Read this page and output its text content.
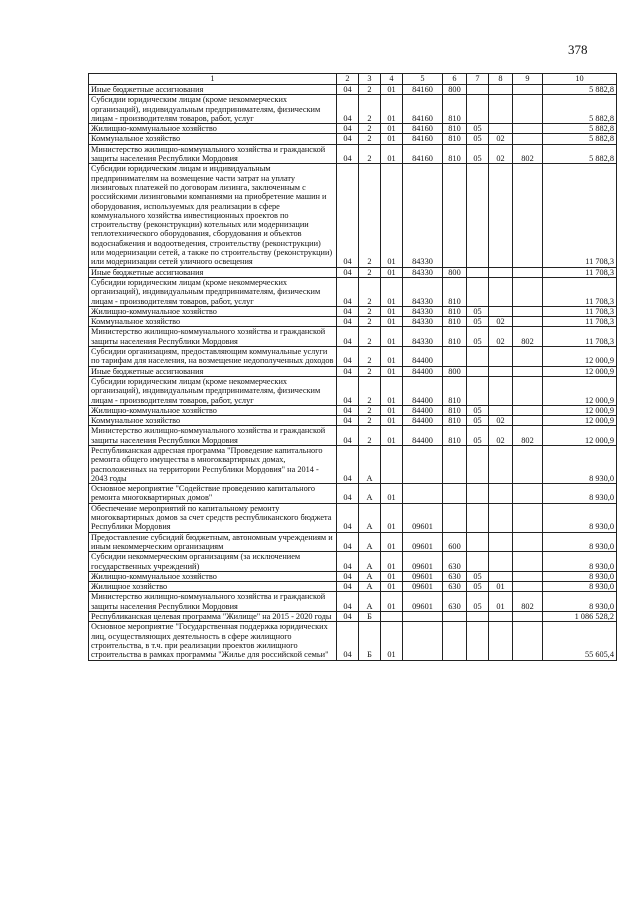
378
1	2	3	4	5	6	7	8	9	10
Иные бюджетные ассигнования	04	2	01	84160	800				5 882,8
Субсидии юридическим лицам (кроме некоммерческих организаций), индивидуальным предпринимателям, физическим лицам - производителям товаров, работ, услуг	04	2	01	84160	810				5 882,8
Жилищно-коммунальное хозяйство	04	2	01	84160	810	05			5 882,8
Коммунальное хозяйство	04	2	01	84160	810	05	02		5 882,8
Министерство жилищно-коммунального хозяйства и гражданской защиты населения Республики Мордовия	04	2	01	84160	810	05	02	802	5 882,8
Субсидии юридическим лицам и индивидуальным предпринимателям на возмещение части затрат на уплату лизинговых платежей по договорам лизинга, заключенным с российскими лизинговыми компаниями на приобретение машин и оборудования, используемых для реализации в сфере коммунального хозяйства инвестиционных проектов по строительству (реконструкции) котельных или модернизации теплотехнического оборудования, сборудования и объектов водоснабжения и водоотведения, строительству (реконструкции) или модернизации сетей, а также по строительству (реконструкции) или модернизации сетей уличного освещения	04	2	01	84330					11 708,3
Иные бюджетные ассигнования	04	2	01	84330	800				11 708,3
Субсидии юридическим лицам (кроме некоммерческих организаций), индивидуальным предпринимателям, физическим лицам - производителям товаров, работ, услуг	04	2	01	84330	810				11 708,3
Жилищно-коммунальное хозяйство	04	2	01	84330	810	05			11 708,3
Коммунальное хозяйство	04	2	01	84330	810	05	02		11 708,3
Министерство жилищно-коммунального хозяйства и гражданской защиты населения Республики Мордовия	04	2	01	84330	810	05	02	802	11 708,3
Субсидии организациям, предоставляющим коммунальные услуги по тарифам для населения, на возмещение недополученных доходов	04	2	01	84400					12 000,9
Иные бюджетные ассигнования	04	2	01	84400	800				12 000,9
Субсидии юридическим лицам (кроме некоммерческих организаций), индивидуальным предпринимателям, физическим лицам - производителям товаров, работ, услуг	04	2	01	84400	810				12 000,9
Жилищно-коммунальное хозяйство	04	2	01	84400	810	05			12 000,9
Коммунальное хозяйство	04	2	01	84400	810	05	02		12 000,9
Министерство жилищно-коммунального хозяйства и гражданской защиты населения Республики Мордовия	04	2	01	84400	810	05	02	802	12 000,9
Республиканская адресная программа "Проведение капитального ремонта общего имущества в многоквартирных домах, расположенных на территории Республики Мордовия" на 2014 - 2043 годы	04	А							8 930,0
Основное мероприятие "Содействие проведению капитального ремонта многоквартирных домов"	04	А	01						8 930,0
Обеспечение мероприятий по капитальному ремонту многоквартирных домов за счет средств республиканского бюджета Республики Мордовия	04	А	01	09601					8 930,0
Предоставление субсидий бюджетным, автономным учреждениям и иным некоммерческим организациям	04	А	01	09601	600				8 930,0
Субсидии некоммерческим организациям (за исключением государственных учреждений)	04	А	01	09601	630				8 930,0
Жилищно-коммунальное хозяйство	04	А	01	09601	630	05			8 930,0
Жилищное хозяйство	04	А	01	09601	630	05	01		8 930,0
Министерство жилищно-коммунального хозяйства и гражданской защиты населения Республики Мордовия	04	А	01	09601	630	05	01	802	8 930,0
Республиканская целевая программа "Жилище" на 2015 - 2020 годы	04	Б							1 086 528,2
Основное мероприятие "Государственная поддержка юридических лиц, осуществляющих деятельность в сфере жилищного строительства, в т.ч. при реализации проектов жилищного строительства в рамках программы "Жилье для российской семьи"	04	Б	01						55 605,4
